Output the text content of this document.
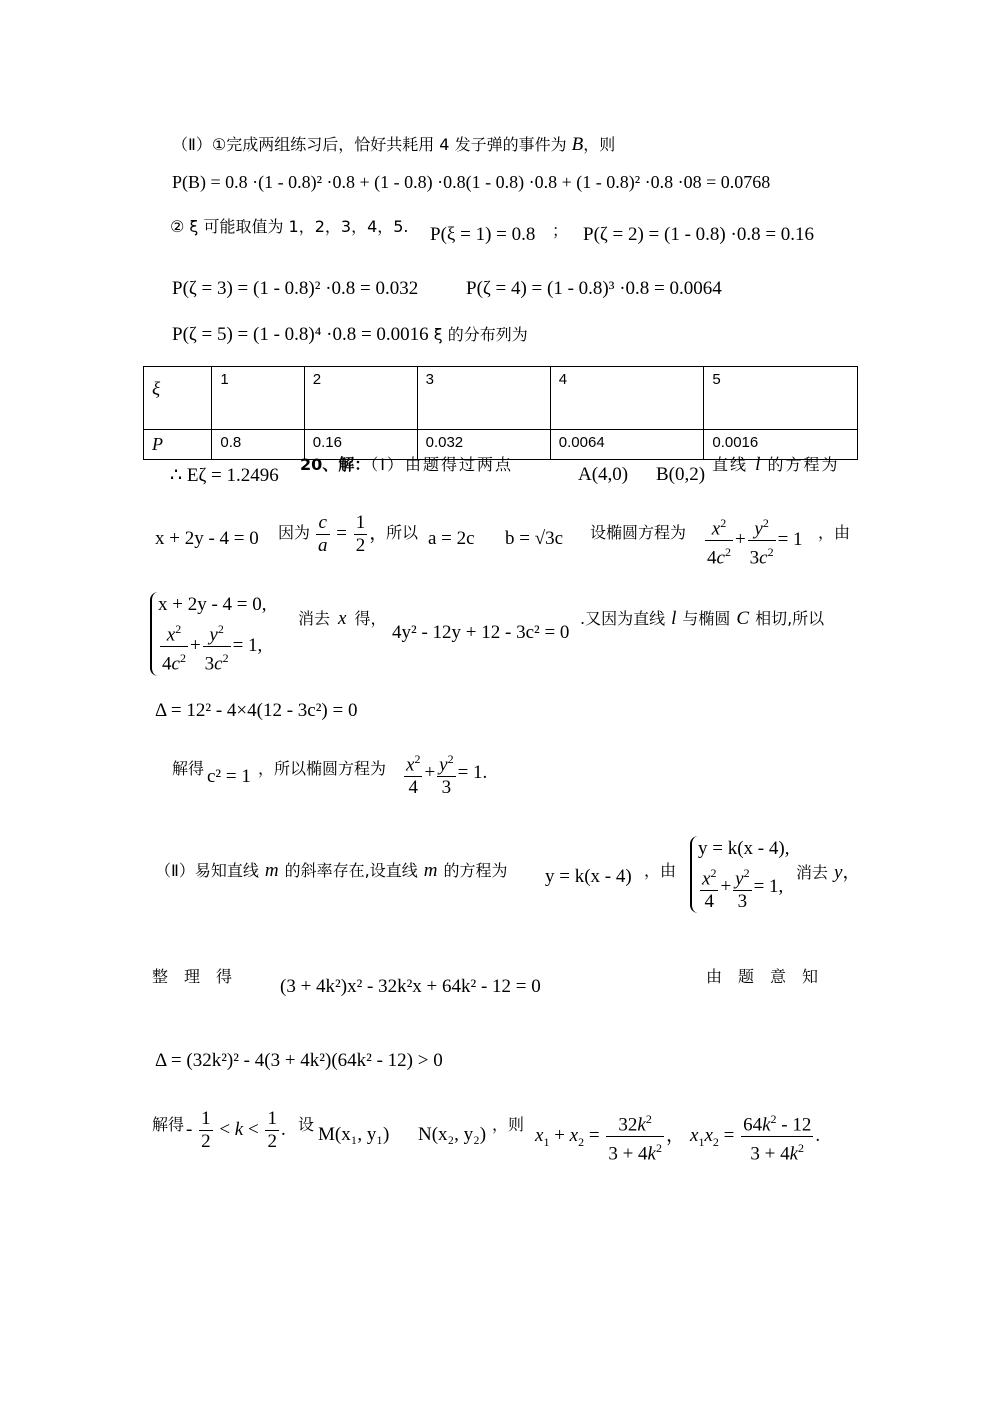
（Ⅱ）①完成两组练习后，恰好共耗用 4 发子弹的事件为 B，则
P(B) = 0.8 ·(1 - 0.8)² ·0.8 + (1 - 0.8) ·0.8(1 - 0.8) ·0.8 + (1 - 0.8)² ·0.8 ·08 = 0.0768
② ξ 可能取值为 1，2，3，4，5. P(ξ = 1) = 0.8 ； P(ζ = 2) = (1 - 0.8) ·0.8 = 0.16
P(ζ = 3) = (1 - 0.8)² ·0.8 = 0.032	P(ζ = 4) = (1 - 0.8)³ ·0.8 = 0.0064
P(ζ = 5) = (1 - 0.8)⁴ ·0.8 = 0.0016 ξ 的分布列为
ξ	1	2	3	4	5
P	0.8	0.16	0.032	0.0064	0.0016
∴ Eζ = 1.2496
20、解：（Ⅰ）由题得过两点	A(4,0) B(0,2) 直线 l 的方程为
x + 2y - 4 = 0 因为 $\frac{c}{a} = \frac{1}{2}$ ，
所以 a = 2c b = √3c 设椭圆方程为 $\frac{x^2}{4c^2} + \frac{y^2}{3c^2} = 1$ ，由
x + 2y - 4 = 0,
$\frac{x^2}{4c^2} + \frac{y^2}{3c^2} = 1$,
消去 x 得，
4y² - 12y + 12 - 3c² = 0
.又因为直线 l 与椭圆 C 相切,所以
Δ = 12² - 4×4(12 - 3c²) = 0
解得 c² = 1 ，所以椭圆方程为 $\frac{x^2}{4} + \frac{y^2}{3} = 1$.
（Ⅱ）易知直线 m 的斜率存在,设直线 m 的方程为 y = k(x - 4) ，由
y = k(x - 4),
$\frac{x^2}{4} + \frac{y^2}{3} = 1$,
消去 y，
整　理　得	(3 + 4k²)x² - 32k²x + 64k² - 12 = 0	由　题　意　知
Δ = (32k²)² - 4(3 + 4k²)(64k² - 12) > 0
解得 - $\frac{1}{2} < k < \frac{1}{2}$ . 设 M(x₁, y₁) N(x₂, y₂) ，则
$x_1 + x_2 = \frac{32k^2}{3 + 4k^2}$ ， $x_1x_2 = \frac{64k^2 - 12}{3 + 4k^2}$ .
